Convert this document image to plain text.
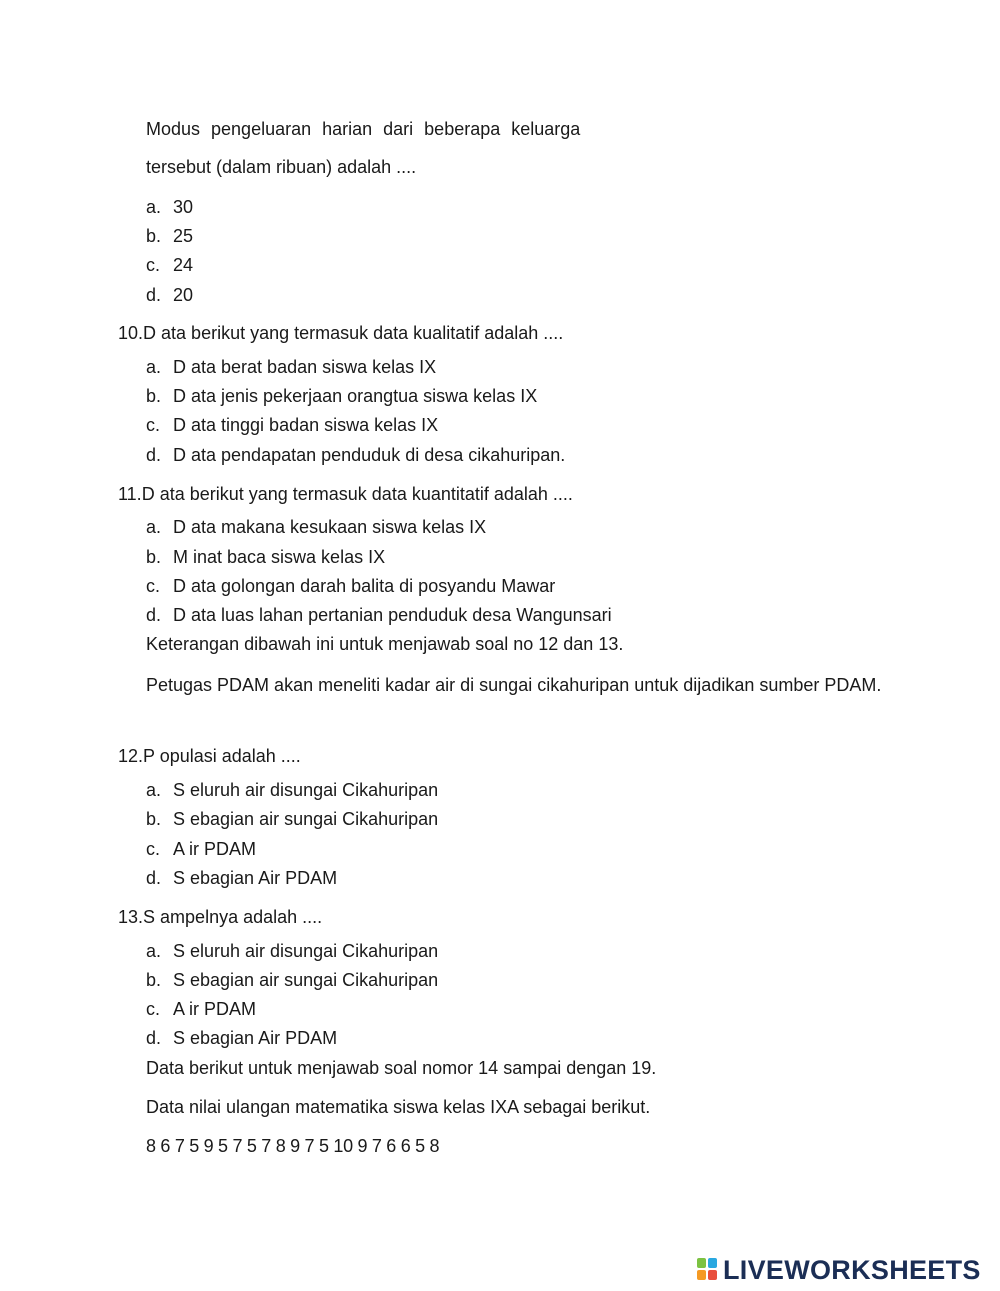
Modus pengeluaran harian dari beberapa keluarga
tersebut (dalam ribuan) adalah ....
a. 30
b. 25
c. 24
d. 20
10.D ata berikut yang termasuk data kualitatif adalah ....
a. D ata berat badan siswa kelas IX
b. D ata jenis pekerjaan orangtua siswa kelas IX
c. D ata tinggi badan siswa kelas IX
d. D ata pendapatan penduduk di desa cikahuripan.
11.D ata berikut yang termasuk data kuantitatif adalah ....
a. D ata makana kesukaan siswa kelas IX
b. M inat baca siswa kelas IX
c. D ata golongan darah balita di posyandu Mawar
d. D ata luas lahan pertanian penduduk desa Wangunsari
Keterangan dibawah ini untuk menjawab soal no 12 dan 13.
Petugas PDAM akan meneliti kadar air di sungai cikahuripan untuk dijadikan sumber PDAM.
12.P opulasi adalah ....
a. S eluruh air disungai Cikahuripan
b. S ebagian air sungai Cikahuripan
c. A ir PDAM
d. S ebagian Air PDAM
13.S ampelnya adalah ....
a. S eluruh air disungai Cikahuripan
b. S ebagian air sungai Cikahuripan
c. A ir PDAM
d. S ebagian Air PDAM
Data berikut untuk menjawab soal nomor 14 sampai dengan 19.
Data nilai ulangan matematika siswa kelas IXA sebagai berikut.
8 6 7 5 9 5 7 5 7 8 9 7 5 10 9 7 6 6 5 8
LIVEWORKSHEETS
